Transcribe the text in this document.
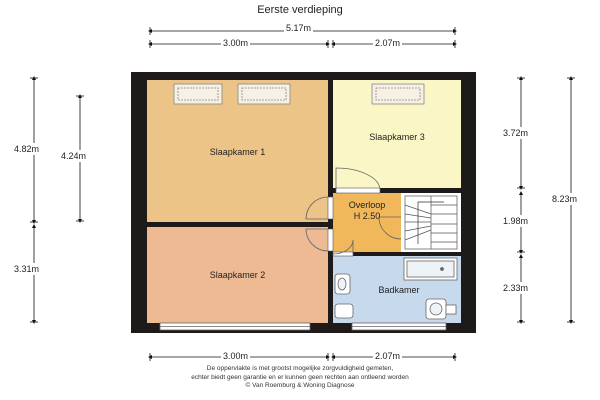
Eerste verdieping
5.17m
3.00m	2.07m
3.00m	2.07m
4.82m
4.24m
3.31m
3.72m
1.98m
2.33m
8.23m
Slaapkamer 1
Slaapkamer 2
Slaapkamer 3
Overloop
H 2.50
Badkamer
De oppervlakte is met grootst mogelijke zorgvuldigheid gemeten,
echter biedt geen garantie en er kunnen geen rechten aan ontleend worden
© Van Roemburg & Woning Diagnose
